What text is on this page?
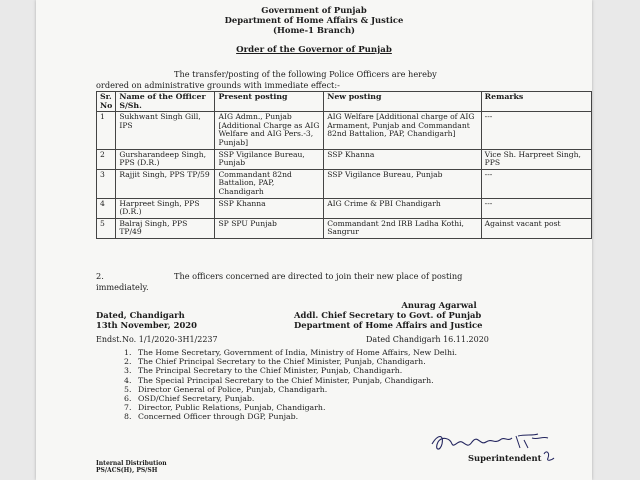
Government of Punjab
Department of Home Affairs & Justice
(Home-1 Branch)
Order of the Governor of Punjab
The transfer/posting of the following Police Officers are hereby
ordered on administrative grounds with immediate effect:-
Sr. No	Name of the Officer S/Sh.	Present posting	New posting	Remarks
1	Sukhwant Singh Gill, IPS	AIG Admn., Punjab [Additional Charge as AIG Welfare and AIG Pers.-3, Punjab]	AIG Welfare [Additional charge of AIG Armament, Punjab and Commandant 82nd Battalion, PAP, Chandigarh]	---
2	Gursharandeep Singh, PPS (D.R.)	SSP Vigilance Bureau, Punjab	SSP Khanna	Vice Sh. Harpreet Singh, PPS
3	Rajjit Singh, PPS TP/59	Commandant 82nd Battalion, PAP, Chandigarh	SSP Vigilance Bureau, Punjab	---
4	Harpreet Singh, PPS (D.R.)	SSP Khanna	AIG Crime & PBI Chandigarh	---
5	Balraj Singh, PPS TP/49	SP SPU Punjab	Commandant 2nd IRB Ladha Kothi, Sangrur	Against vacant post
2.	The officers concerned are directed to join their new place of posting
immediately.
Anurag Agarwal
Addl. Chief Secretary to Govt. of Punjab
Department of Home Affairs and Justice
Dated, Chandigarh
13th November, 2020
Endst.No. 1/1/2020-3H1/2237	Dated Chandigarh 16.11.2020
1. The Home Secretary, Government of India, Ministry of Home Affairs, New Delhi.
2. The Chief Principal Secretary to the Chief Minister, Punjab, Chandigarh.
3. The Principal Secretary to the Chief Minister, Punjab, Chandigarh.
4. The Special Principal Secretary to the Chief Minister, Punjab, Chandigarh.
5. Director General of Police, Punjab, Chandigarh.
6. OSD/Chief Secretary, Punjab.
7. Director, Public Relations, Punjab, Chandigarh.
8. Concerned Officer through DGP, Punjab.
Superintendent
Internal Distribution
PS/ACS(H), PS/SH
